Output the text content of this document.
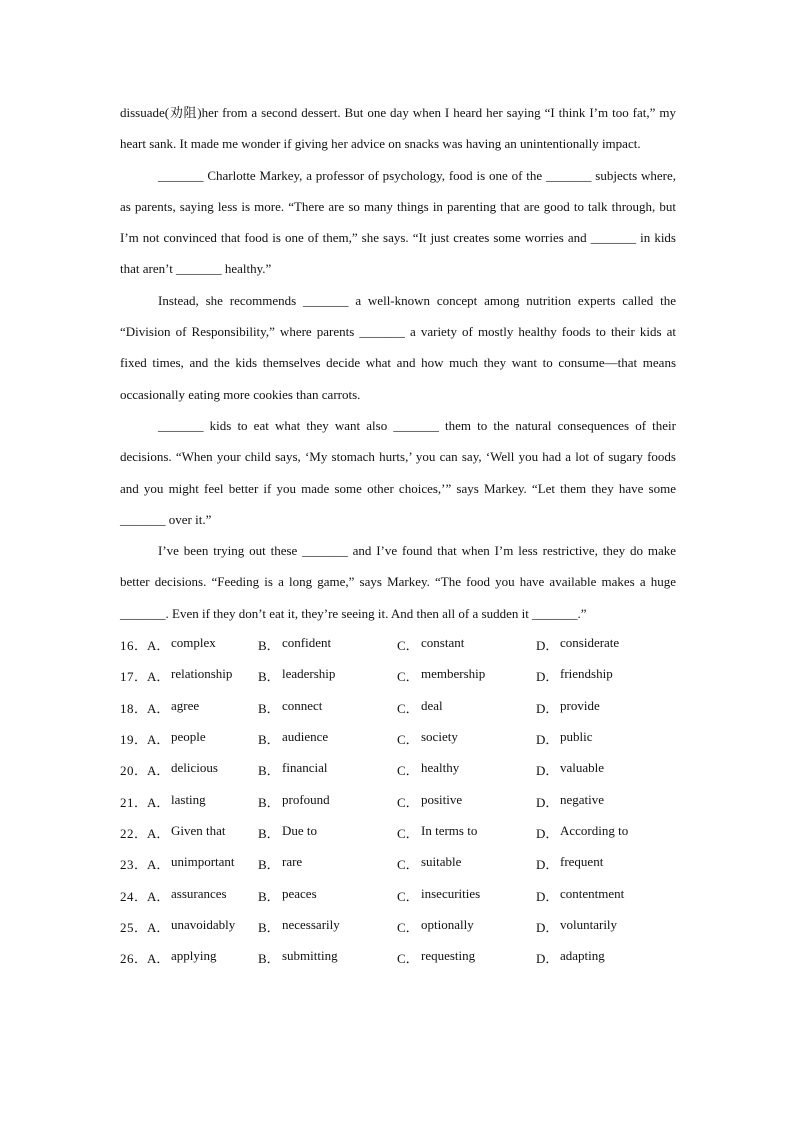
dissuade(劝阻)her from a second dessert. But one day when I heard her saying “I think I’m too fat,” my heart sank. It made me wonder if giving her advice on snacks was having an unintentionally impact.

_______ Charlotte Markey, a professor of psychology, food is one of the _______ subjects where, as parents, saying less is more. “There are so many things in parenting that are good to talk through, but I’m not convinced that food is one of them,” she says. “It just creates some worries and _______ in kids that aren’t _______ healthy.”

Instead, she recommends _______ a well-known concept among nutrition experts called the “Division of Responsibility,” where parents _______ a variety of mostly healthy foods to their kids at fixed times, and the kids themselves decide what and how much they want to consume—that means occasionally eating more cookies than carrots.

_______ kids to eat what they want also _______ them to the natural consequences of their decisions. “When your child says, ‘My stomach hurts,’ you can say, ‘Well you had a lot of sugary foods and you might feel better if you made some other choices,’” says Markey. “Let them they have some _______ over it.”

I’ve been trying out these _______ and I’ve found that when I’m less restrictive, they do make better decisions. “Feeding is a long game,” says Markey. “The food you have available makes a huge _______. Even if they don’t eat it, they’re seeing it. And then all of a sudden it _______.”

16． A． complex	B． confident	C． constant	D． considerate
17． A． relationship B． leadership	C． membership	D． friendship
18． A． agree	B． connect	C． deal	D． provide
19． A． people	B． audience	C． society	D． public
20． A． delicious	B． financial	C． healthy	D． valuable
21． A． lasting	B． profound	C． positive	D． negative
22． A． Given that B． Due to	C． In terms to	D． According to
23． A． unimportant B． rare	C． suitable	D． frequent
24． A． assurances B． peaces	C． insecurities	D． contentment
25． A． unavoidably B． necessarily	C． optionally	D． voluntarily
26． A． applying	B． submitting	C． requesting	D． adapting
